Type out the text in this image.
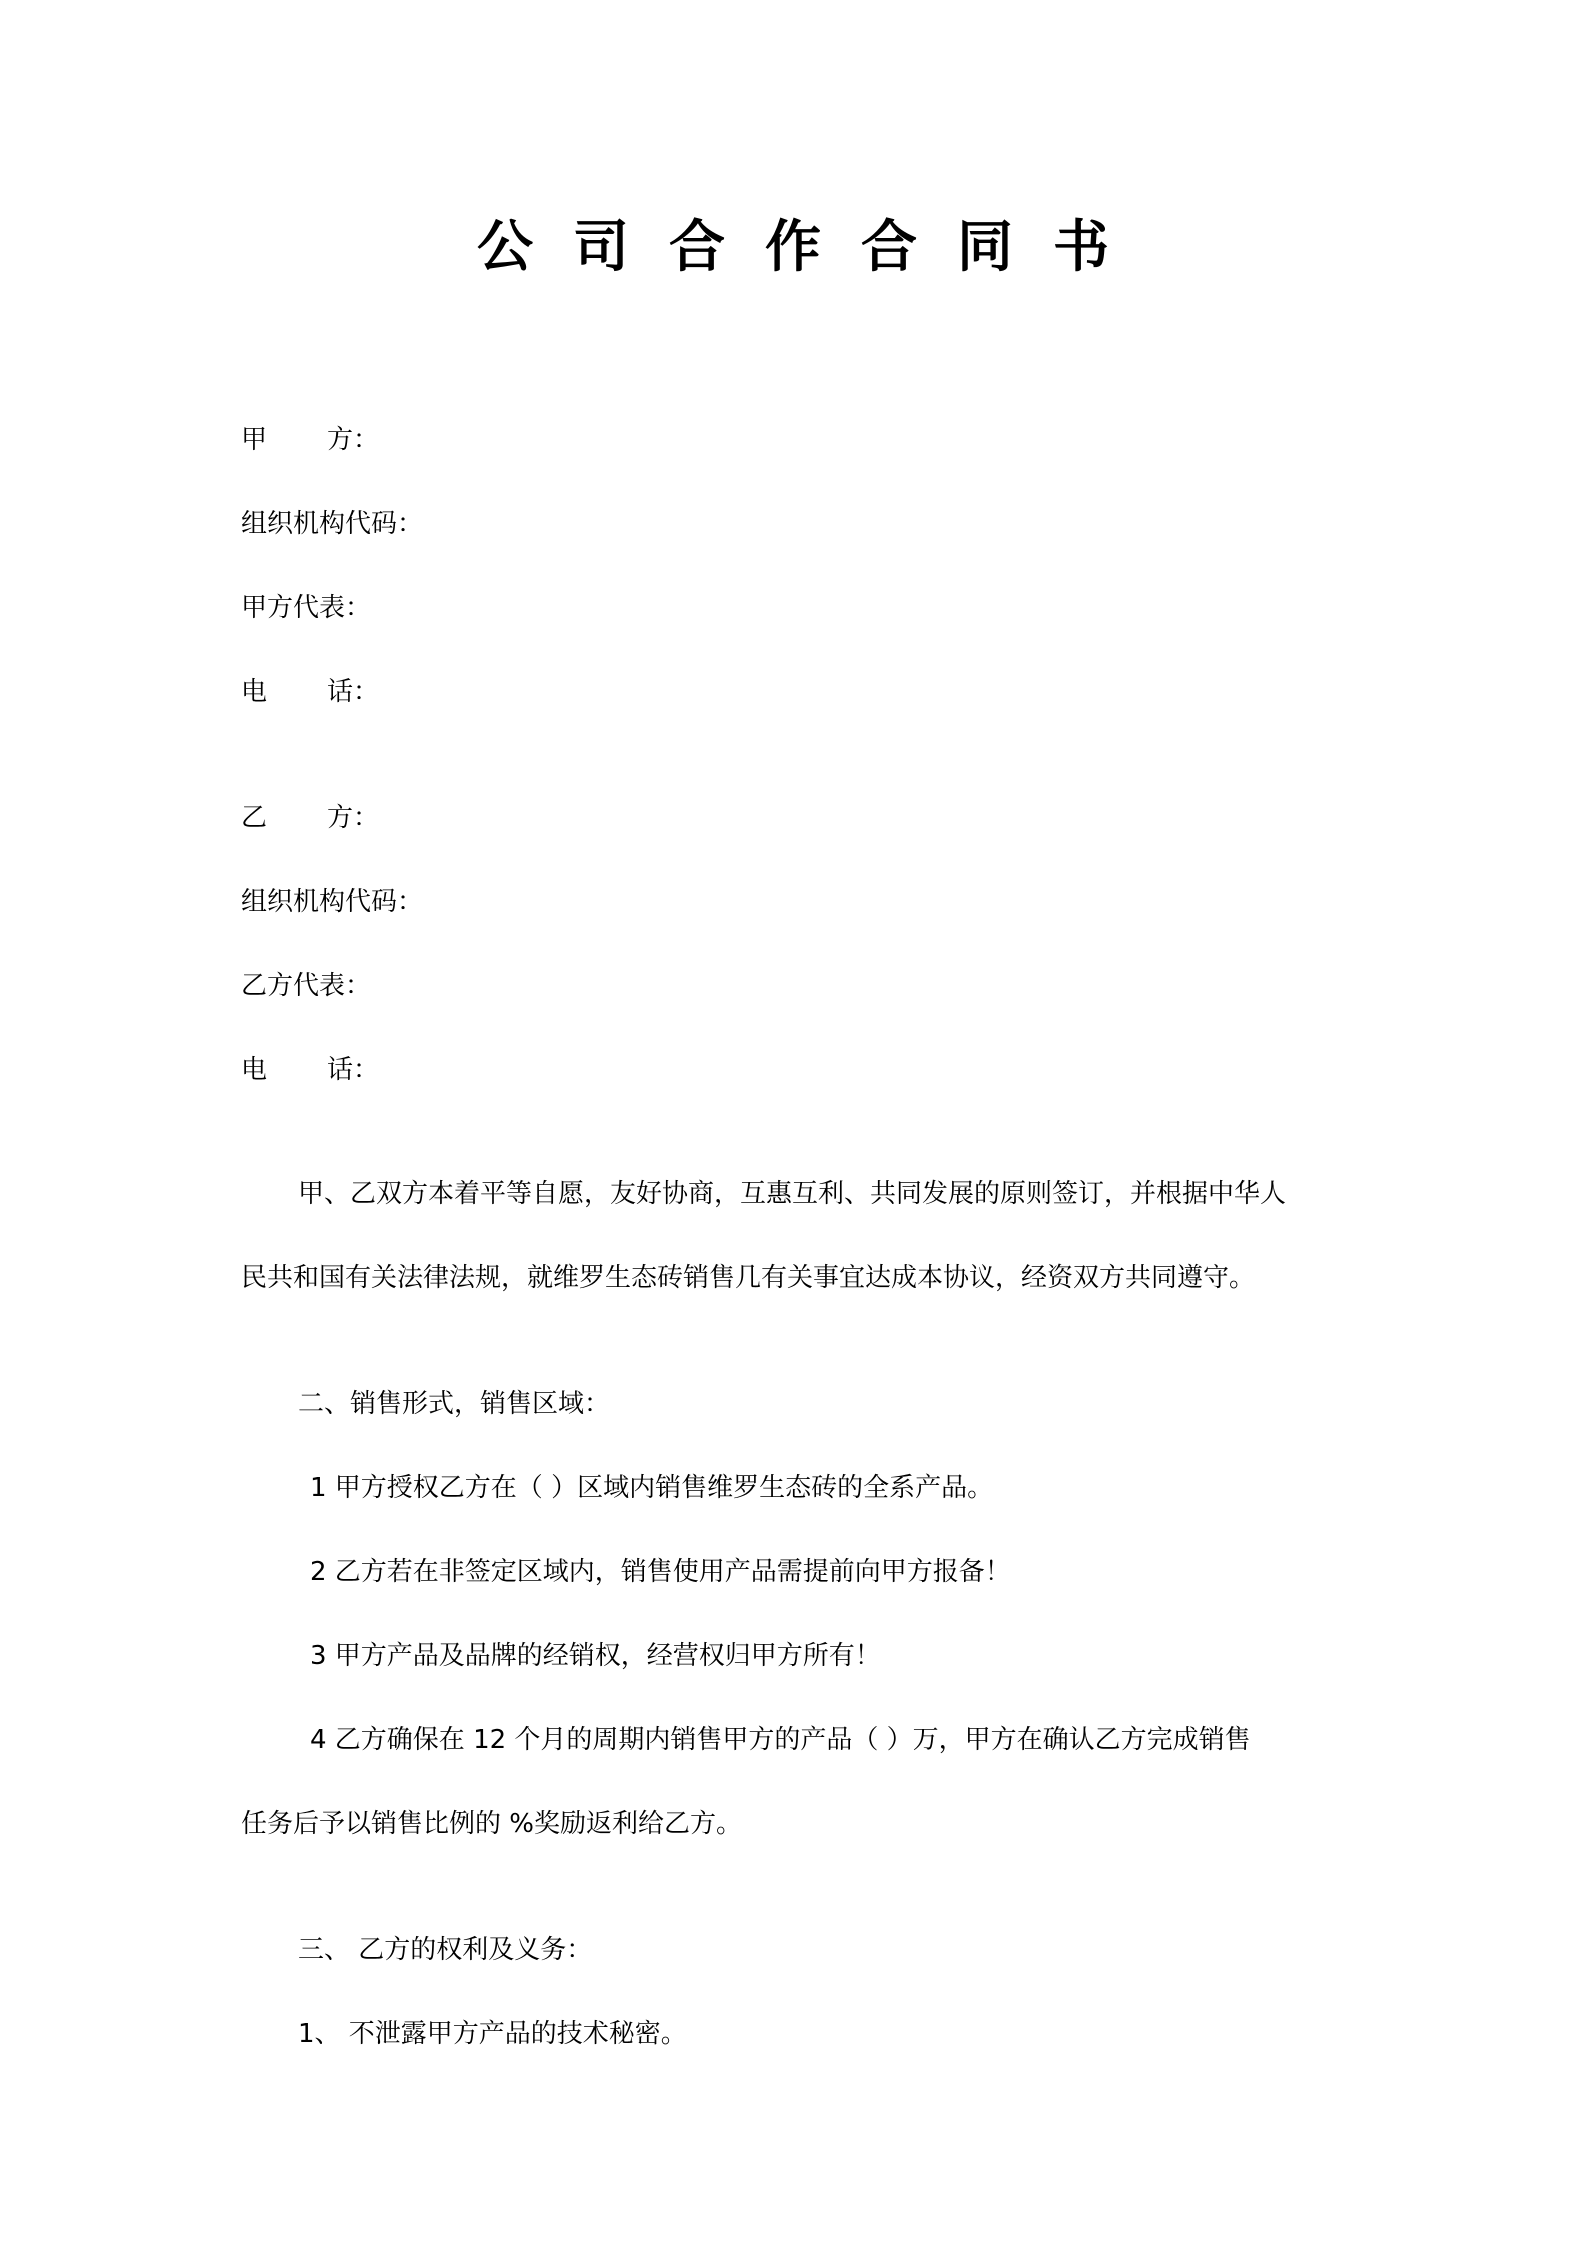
公司合作合同书
甲 方：
组织机构代码：
甲方代表：
电 话：
乙 方：
组织机构代码：
乙方代表：
电 话：
甲、乙双方本着平等自愿，友好协商，互惠互利、共同发展的原则签订，并根据中华人
民共和国有关法律法规，就维罗生态砖销售几有关事宜达成本协议，经资双方共同遵守。
二、销售形式，销售区域：
1 甲方授权乙方在（ ）区域内销售维罗生态砖的全系产品。
2 乙方若在非签定区域内，销售使用产品需提前向甲方报备！
3 甲方产品及品牌的经销权，经营权归甲方所有！
4 乙方确保在 12 个月的周期内销售甲方的产品（ ）万，甲方在确认乙方完成销售
任务后予以销售比例的 %奖励返利给乙方。
三、 乙方的权利及义务：
1、 不泄露甲方产品的技术秘密。
